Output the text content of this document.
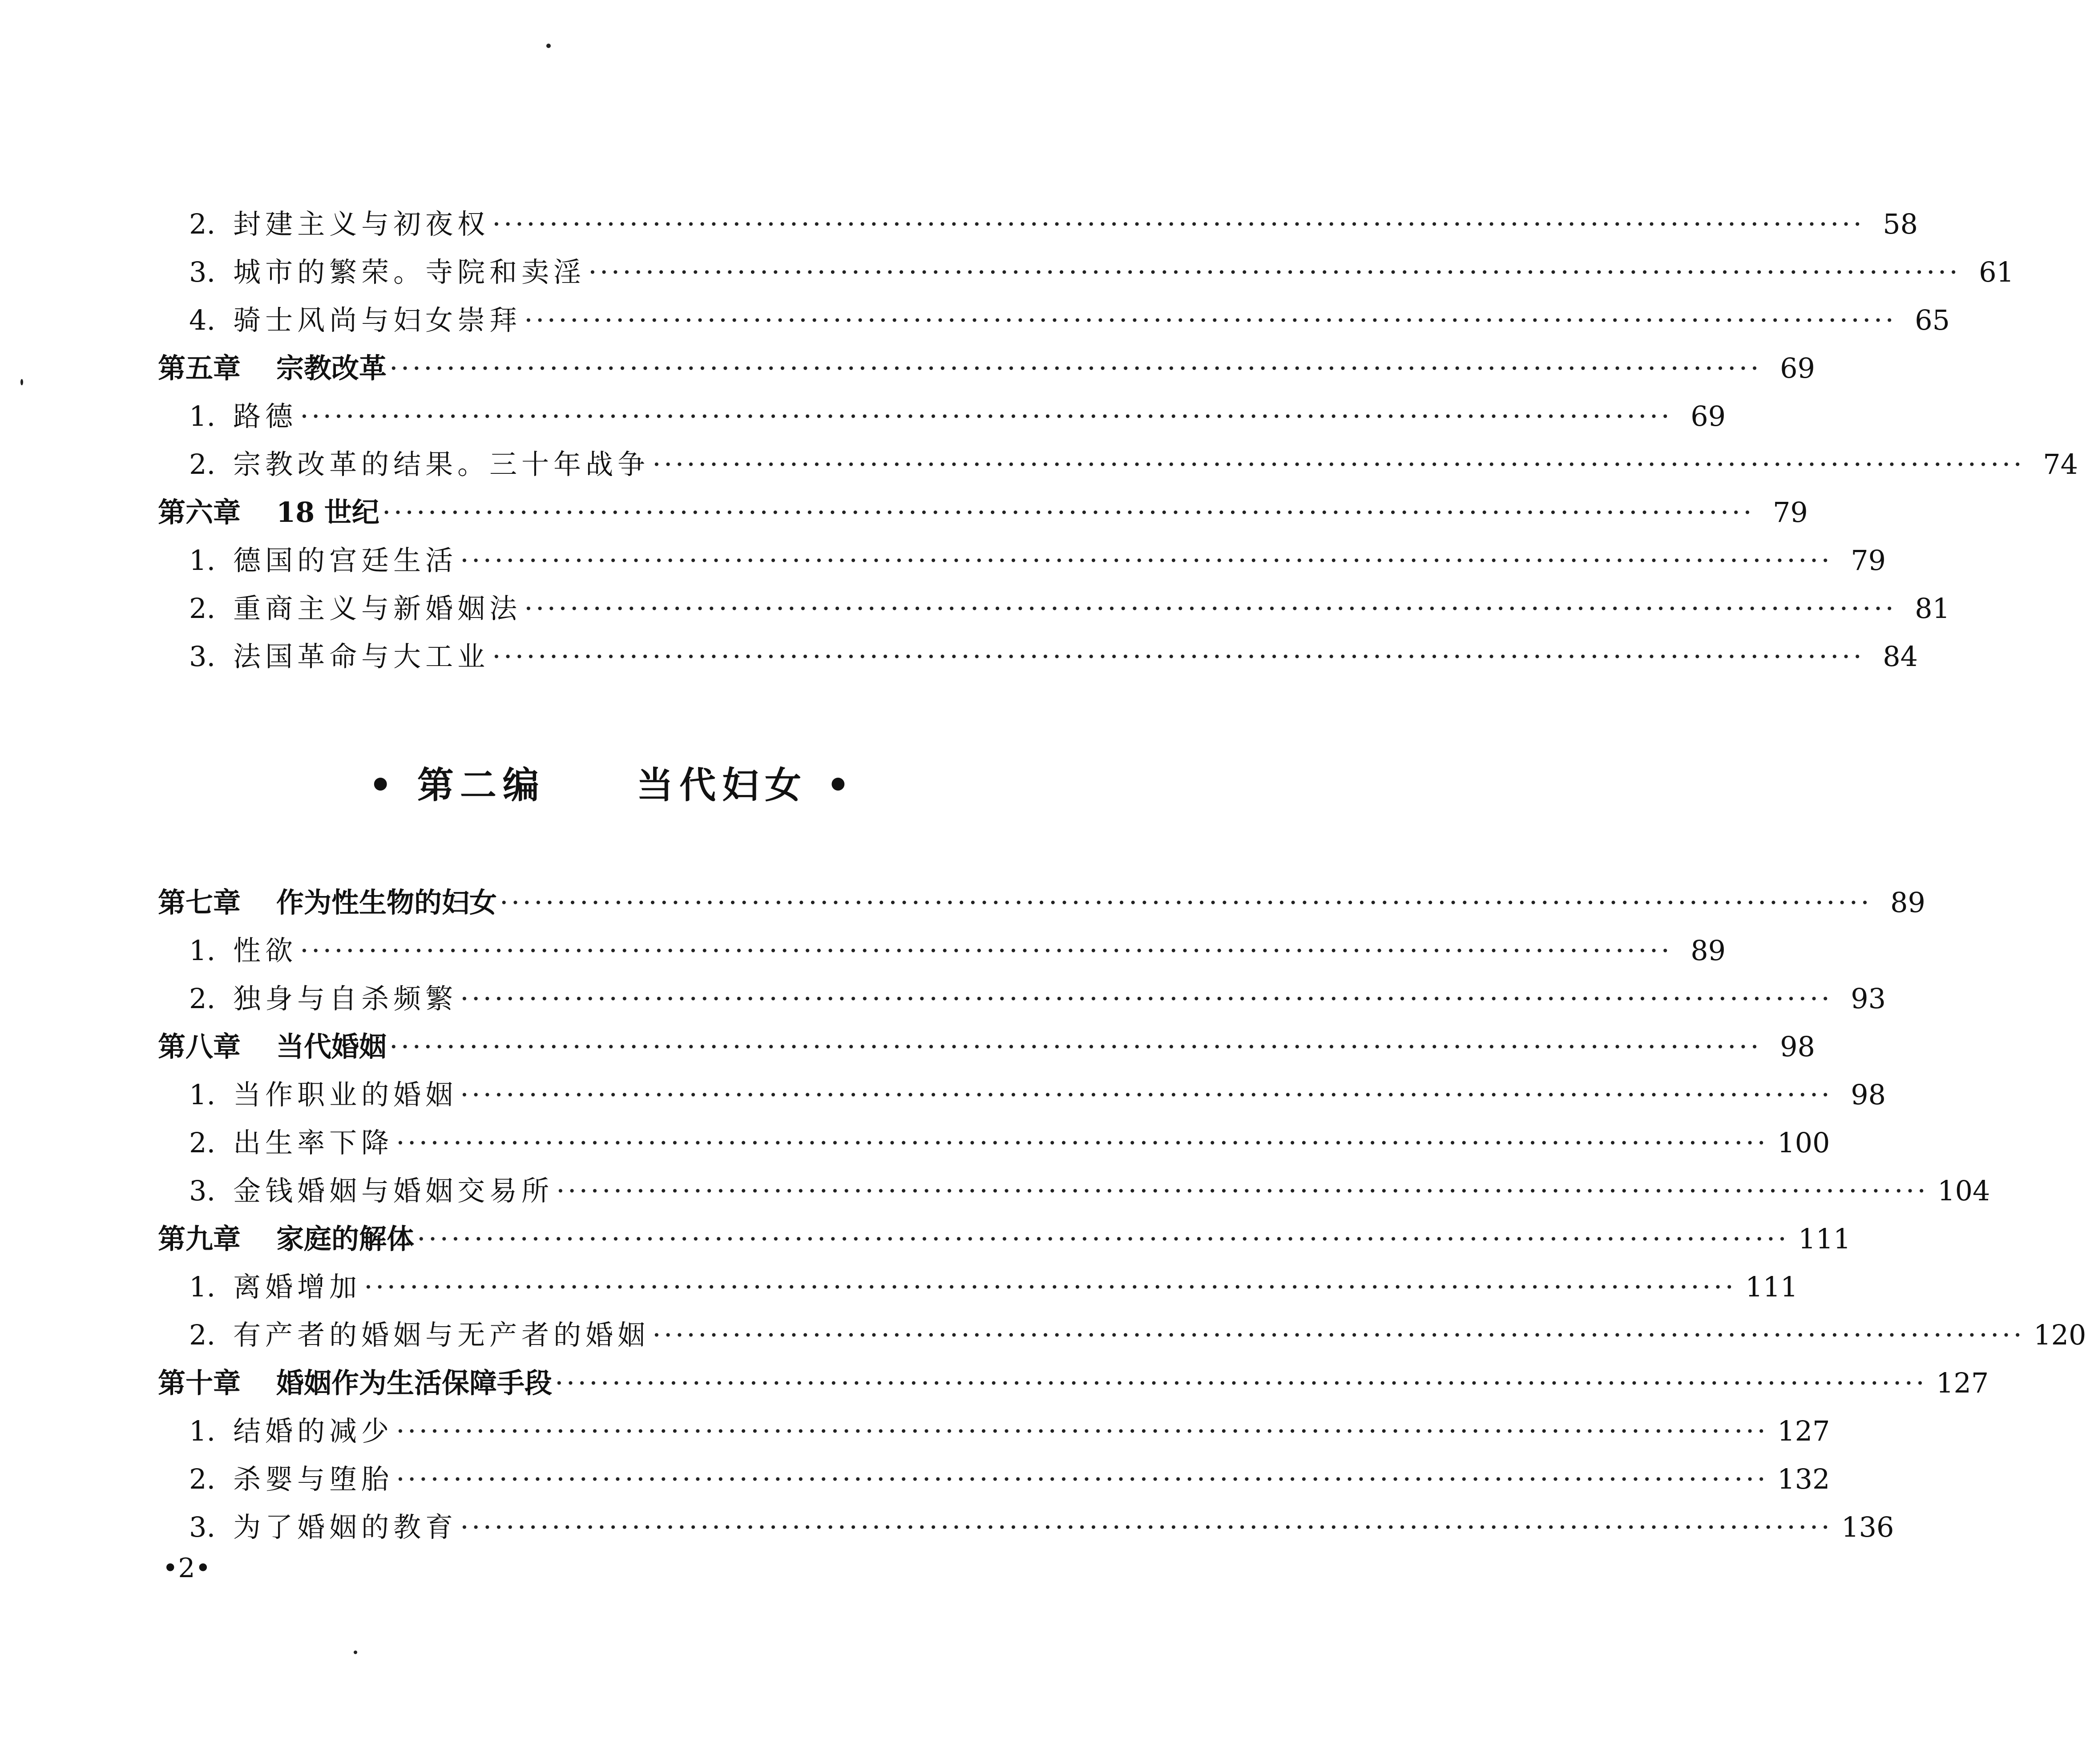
2. 封建主义与初夜权 ························································································································ 58
3. 城市的繁荣。寺院和卖淫 ························································································································ 61
4. 骑士风尚与妇女崇拜 ························································································································ 65
第五章 宗教改革 ························································································································ 69
1. 路德 ························································································································ 69
2. 宗教改革的结果。三十年战争 ························································································································ 74
第六章 18 世纪 ························································································································ 79
1. 德国的宫廷生活 ························································································································ 79
2. 重商主义与新婚姻法 ························································································································ 81
3. 法国革命与大工业 ························································································································ 84
• 第二编	当代妇女 •
第七章 作为性生物的妇女 ························································································································ 89
1. 性欲 ························································································································ 89
2. 独身与自杀频繁 ························································································································ 93
第八章 当代婚姻 ························································································································ 98
1. 当作职业的婚姻 ························································································································ 98
2. 出生率下降 ························································································································ 100
3. 金钱婚姻与婚姻交易所 ························································································································ 104
第九章 家庭的解体 ························································································································ 111
1. 离婚增加 ························································································································ 111
2. 有产者的婚姻与无产者的婚姻 ························································································································ 120
第十章 婚姻作为生活保障手段 ························································································································ 127
1. 结婚的减少 ························································································································ 127
2. 杀婴与堕胎 ························································································································ 132
3. 为了婚姻的教育 ························································································································ 136
•2•
